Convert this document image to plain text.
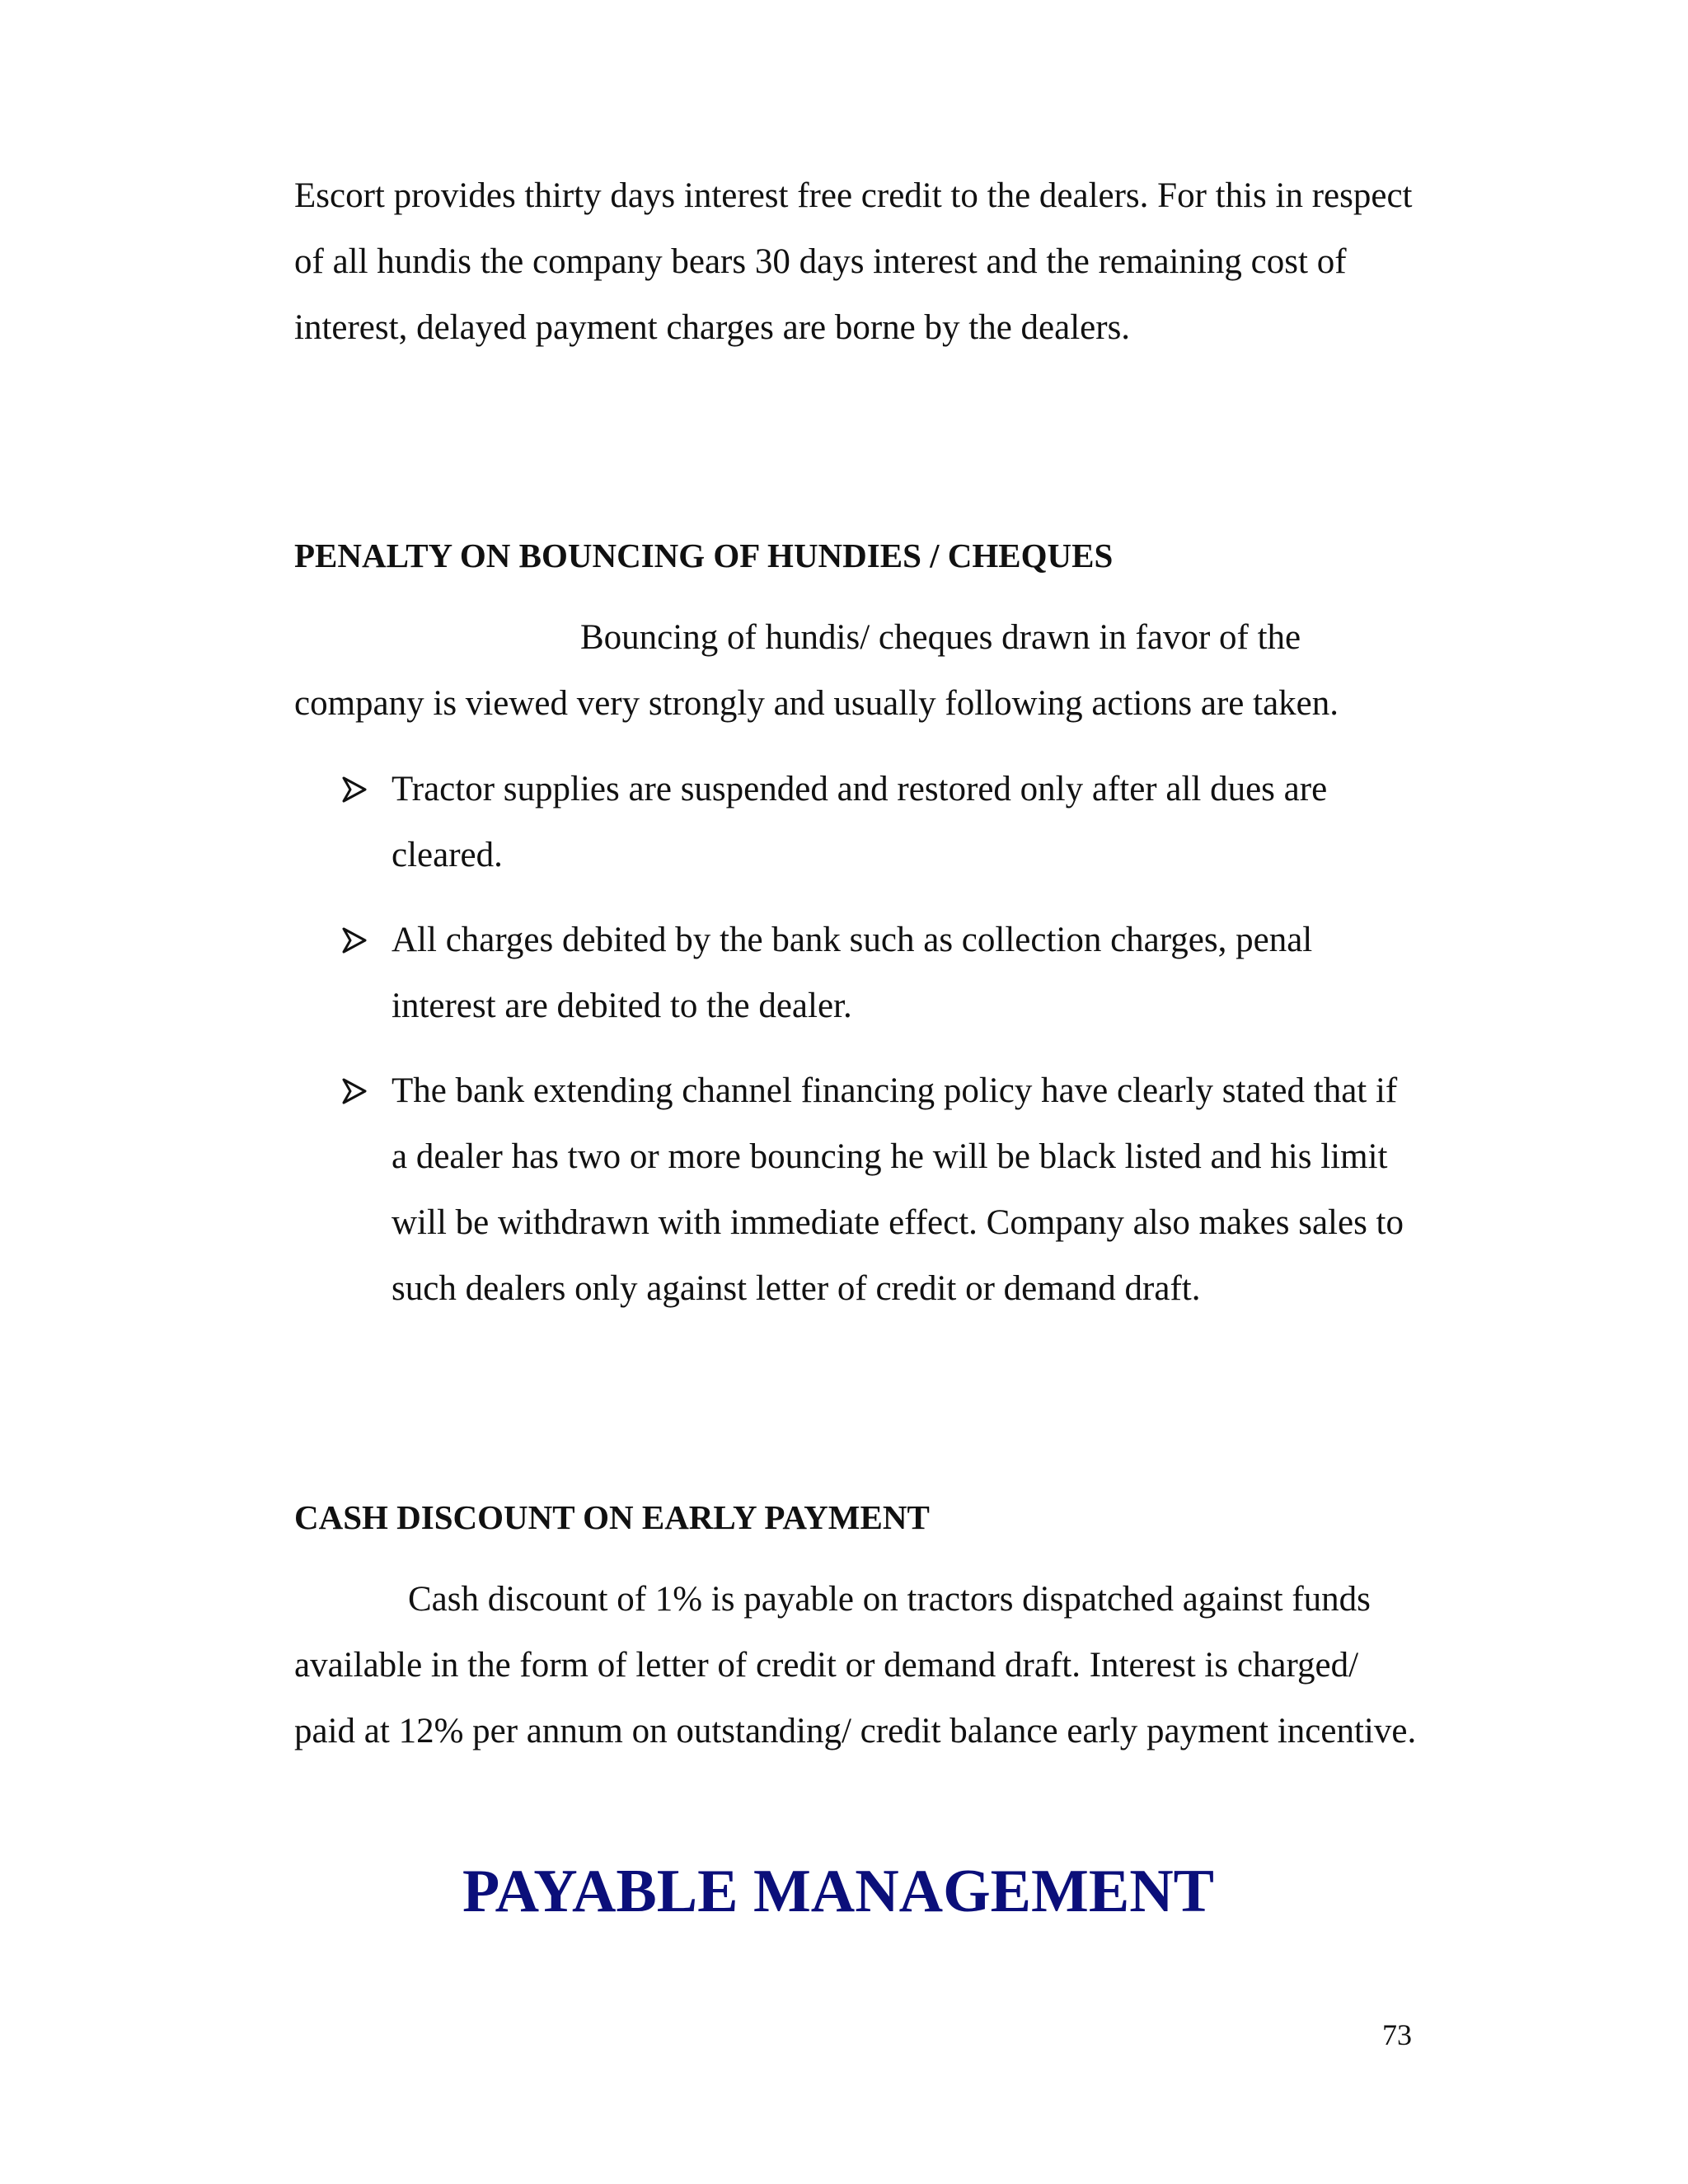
Escort provides thirty days interest free credit to the dealers. For this in respect of all hundis the company bears 30 days interest and the remaining cost of interest, delayed payment charges are borne by the dealers.

PENALTY ON BOUNCING OF HUNDIES / CHEQUES

Bouncing of hundis/ cheques drawn in favor of the
company is viewed very strongly and usually following actions are taken.

Tractor supplies are suspended and restored only after all dues are cleared.
All charges debited by the bank such as collection charges, penal interest are debited to the dealer.
The bank extending channel financing policy have clearly stated that if a dealer has two or more bouncing he will be black listed and his limit will be withdrawn with immediate effect. Company also makes sales to such dealers only against letter of credit or demand draft.
CASH DISCOUNT ON EARLY PAYMENT

Cash discount of 1% is payable on tractors dispatched against funds available in the form of letter of credit or demand draft. Interest is charged/ paid at 12% per annum on outstanding/ credit balance early payment incentive.

PAYABLE MANAGEMENT

73
